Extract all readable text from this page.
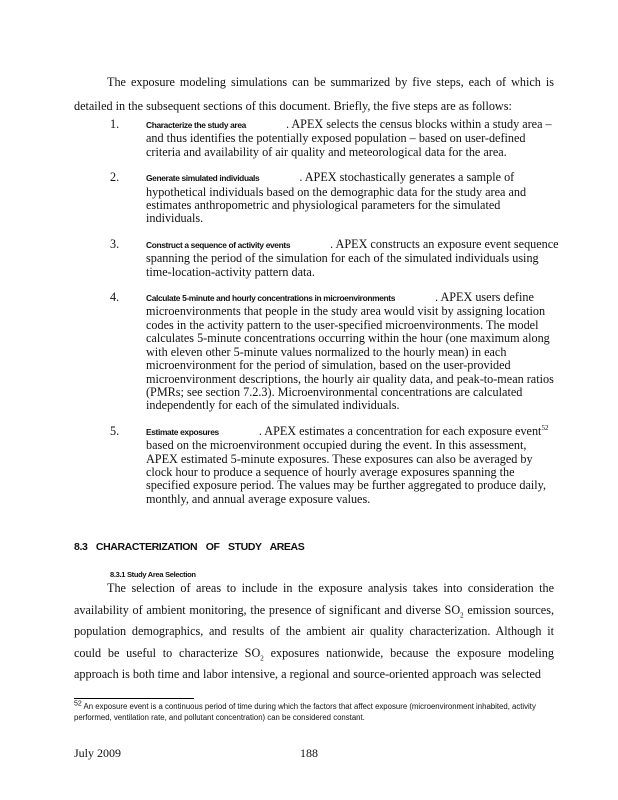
The exposure modeling simulations can be summarized by five steps, each of which is detailed in the subsequent sections of this document. Briefly, the five steps are as follows:

1.	Characterize the study area	. APEX selects the census blocks within a study area – and thus identifies the potentially exposed population – based on user-defined criteria and availability of air quality and meteorological data for the area.
2.	Generate simulated individuals	. APEX stochastically generates a sample of hypothetical individuals based on the demographic data for the study area and estimates anthropometric and physiological parameters for the simulated individuals.
3.	Construct a sequence of activity events	. APEX constructs an exposure event sequence spanning the period of the simulation for each of the simulated individuals using time-location-activity pattern data.
4.	Calculate 5-minute and hourly concentrations in microenvironments	. APEX users define microenvironments that people in the study area would visit by assigning location codes in the activity pattern to the user-specified microenvironments. The model calculates 5-minute concentrations occurring within the hour (one maximum along with eleven other 5-minute values normalized to the hourly mean) in each microenvironment for the period of simulation, based on the user-provided microenvironment descriptions, the hourly air quality data, and peak-to-mean ratios (PMRs; see section 7.2.3). Microenvironmental concentrations are calculated independently for each of the simulated individuals.
5.	Estimate exposures	. APEX estimates a concentration for each exposure event$^{52}$ based on the microenvironment occupied during the event. In this assessment, APEX estimated 5-minute exposures. These exposures can also be averaged by clock hour to produce a sequence of hourly average exposures spanning the specified exposure period. The values may be further aggregated to produce daily, monthly, and annual average exposure values.
8.3 CHARACTERIZATION OF STUDY AREAS
8.3.1 Study Area Selection

The selection of areas to include in the exposure analysis takes into consideration the availability of ambient monitoring, the presence of significant and diverse $SO_2$ emission sources, population demographics, and results of the ambient air quality characterization. Although it could be useful to characterize $SO_2$ exposures nationwide, because the exposure modeling approach is both time and labor intensive, a regional and source-oriented approach was selected

52 An exposure event is a continuous period of time during which the factors that affect exposure (microenvironment inhabited, activity performed, ventilation rate, and pollutant concentration) can be considered constant.

July 2009	188
